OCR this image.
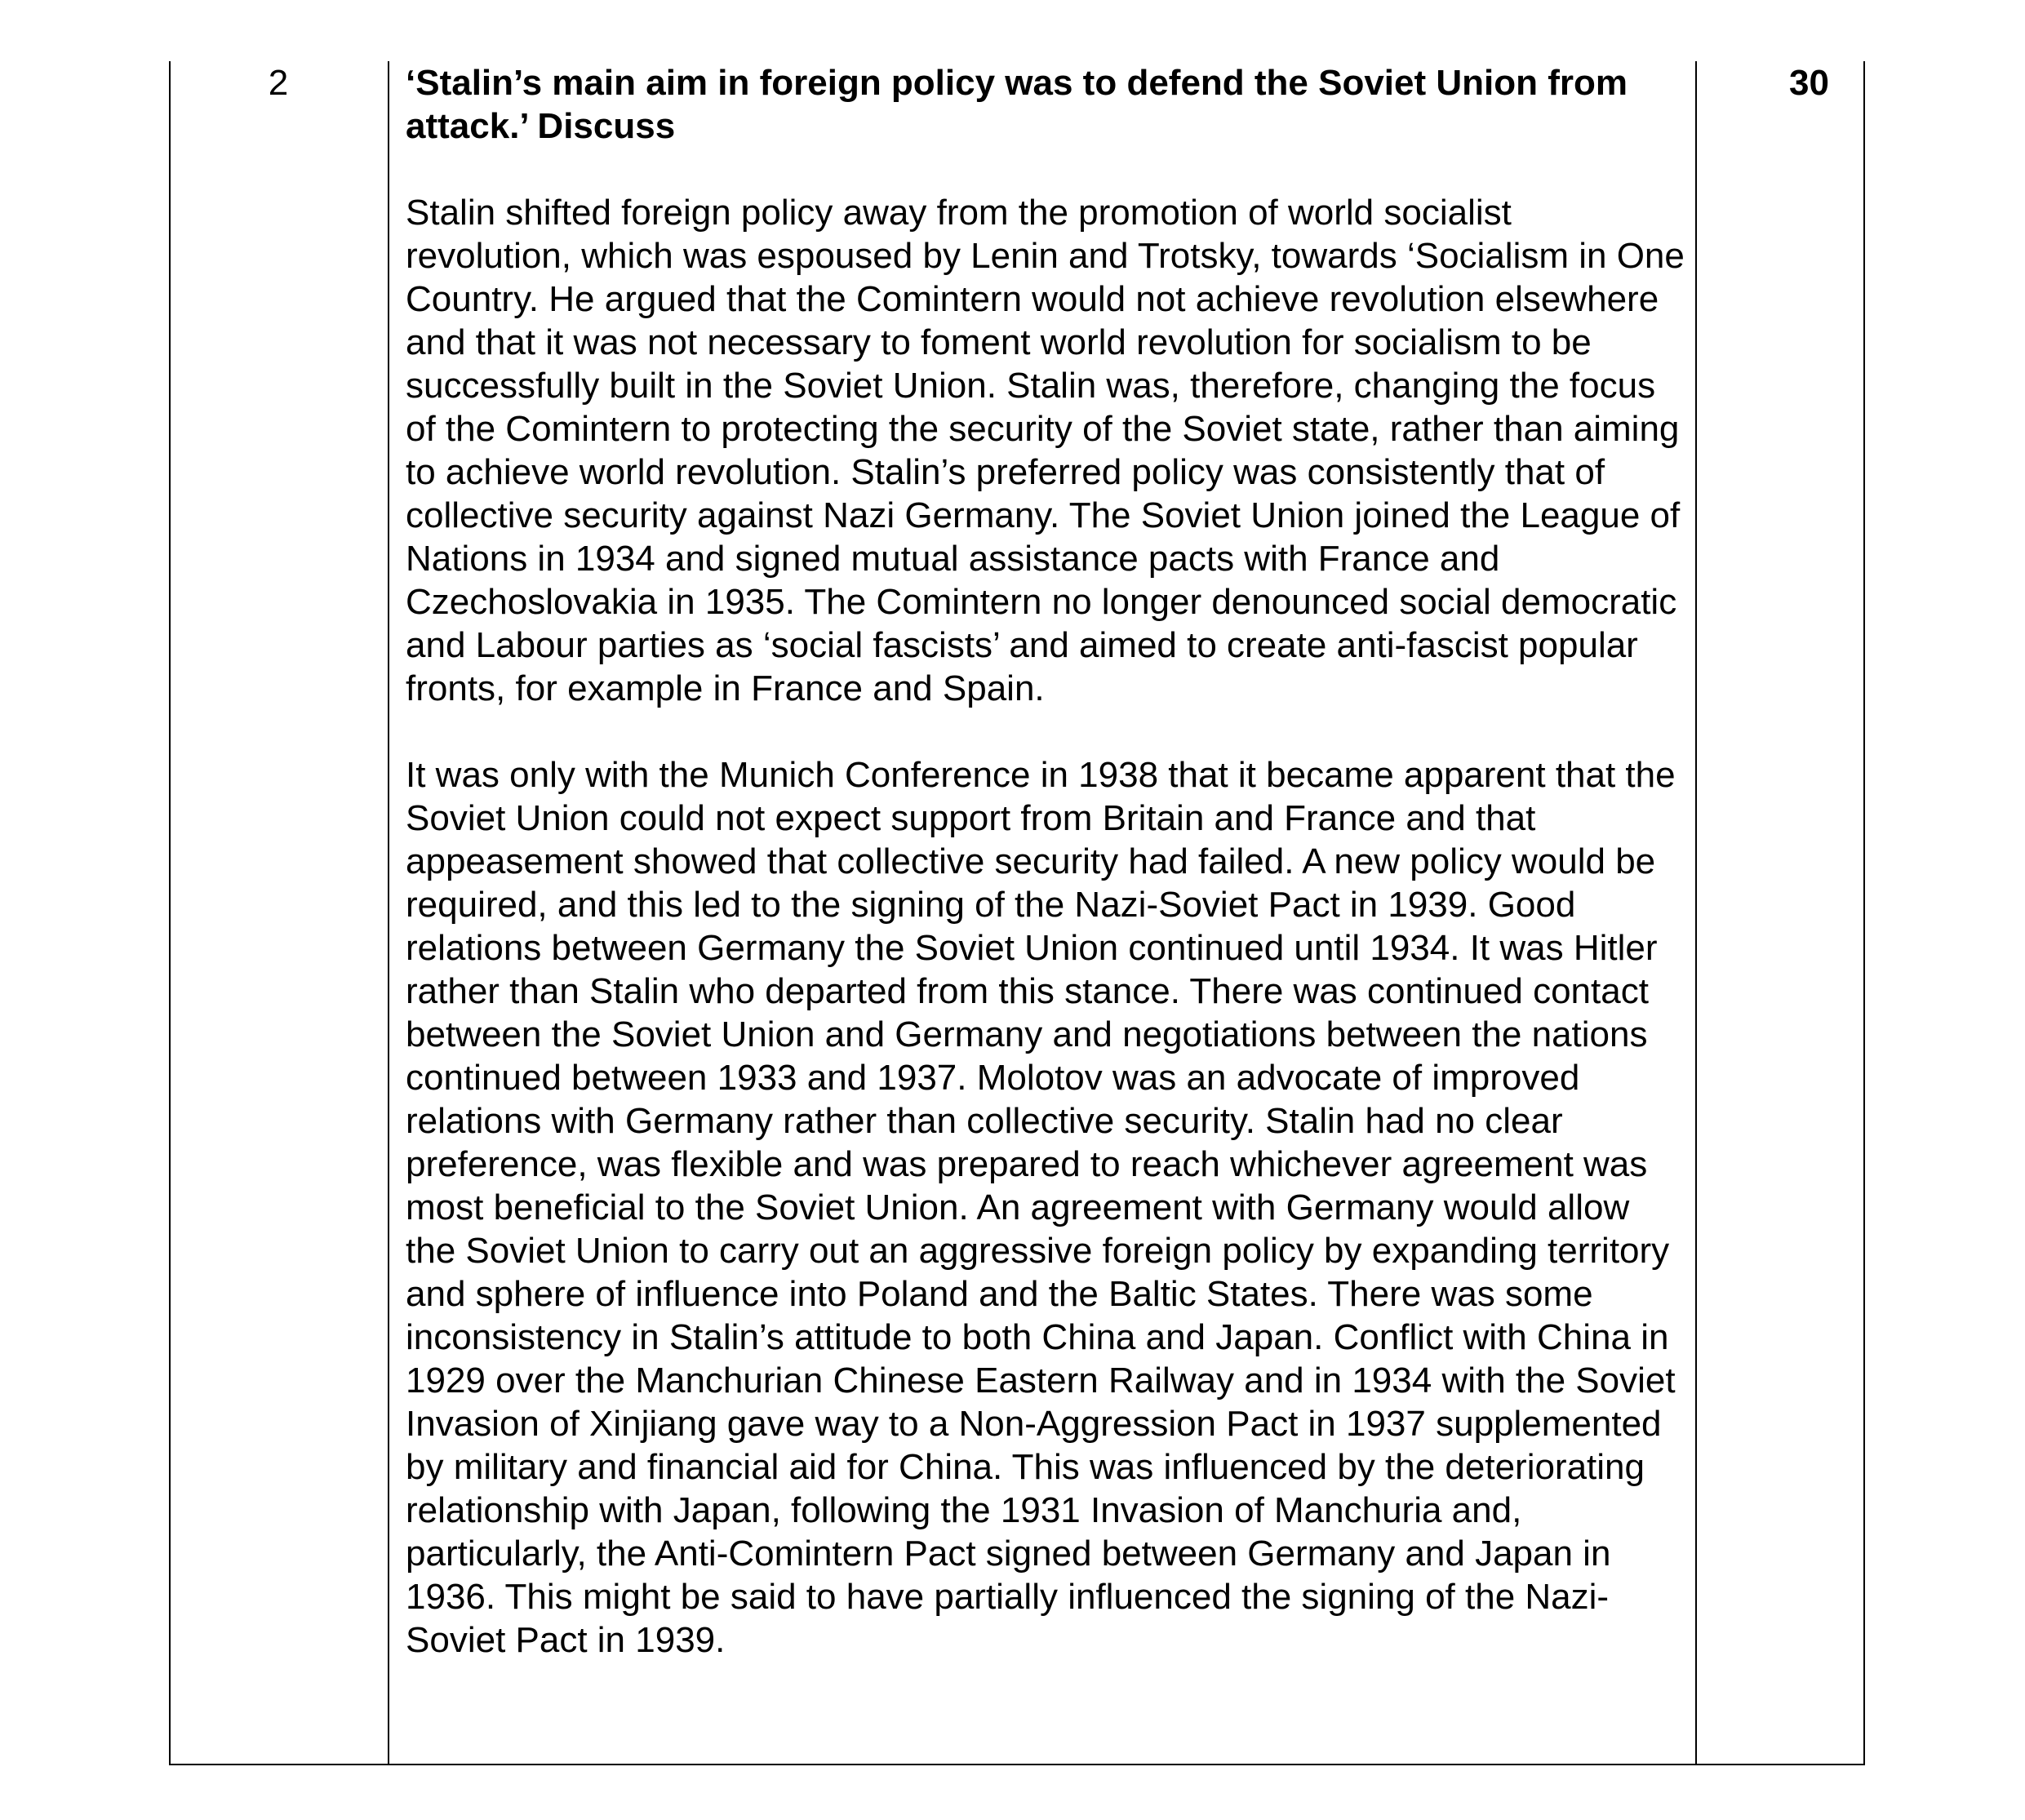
2	‘Stalin’s main aim in foreign policy was to defend the Soviet Union from attack.’ Discuss

Stalin shifted foreign policy away from the promotion of world socialist revolution, which was espoused by Lenin and Trotsky, towards ‘Socialism in One Country. He argued that the Comintern would not achieve revolution elsewhere and that it was not necessary to foment world revolution for socialism to be successfully built in the Soviet Union. Stalin was, therefore, changing the focus of the Comintern to protecting the security of the Soviet state, rather than aiming to achieve world revolution. Stalin’s preferred policy was consistently that of collective security against Nazi Germany. The Soviet Union joined the League of Nations in 1934 and signed mutual assistance pacts with France and Czechoslovakia in 1935. The Comintern no longer denounced social democratic and Labour parties as ‘social fascists’ and aimed to create anti-fascist popular fronts, for example in France and Spain.

It was only with the Munich Conference in 1938 that it became apparent that the Soviet Union could not expect support from Britain and France and that appeasement showed that collective security had failed. A new policy would be required, and this led to the signing of the Nazi-Soviet Pact in 1939. Good relations between Germany the Soviet Union continued until 1934. It was Hitler rather than Stalin who departed from this stance. There was continued contact between the Soviet Union and Germany and negotiations between the nations continued between 1933 and 1937. Molotov was an advocate of improved relations with Germany rather than collective security. Stalin had no clear preference, was flexible and was prepared to reach whichever agreement was most beneficial to the Soviet Union. An agreement with Germany would allow the Soviet Union to carry out an aggressive foreign policy by expanding territory and sphere of influence into Poland and the Baltic States. There was some inconsistency in Stalin’s attitude to both China and Japan. Conflict with China in 1929 over the Manchurian Chinese Eastern Railway and in 1934 with the Soviet Invasion of Xinjiang gave way to a Non-Aggression Pact in 1937 supplemented by military and financial aid for China. This was influenced by the deteriorating relationship with Japan, following the 1931 Invasion of Manchuria and, particularly, the Anti-Comintern Pact signed between Germany and Japan in 1936. This might be said to have partially influenced the signing of the Nazi-Soviet Pact in 1939.

30
